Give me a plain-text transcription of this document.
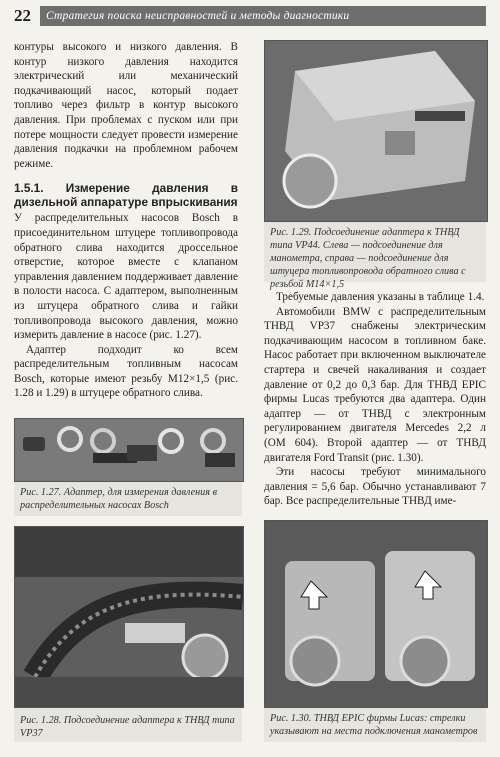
22	Стратегия поиска неисправностей и методы диагностики

контуры высокого и низкого давления. В контур низкого давления находится электрический или механический подкачивающий насос, который подает топливо через фильтр в контур высокого давления. При проблемах с пуском или при потере мощности следует провести измерение давления подкачки на проблемном рабочем режиме.

1.5.1. Измерение давления в дизельной аппаратуре впрыскивания

У распределительных насосов Bosch в присоединительном штуцере топливопровода обратного слива находится дроссельное отверстие, которое вместе с клапаном управления давлением поддерживает давление в полости насоса. С адаптером, выполненным из штуцера обратного слива и гайки топливопровода высокого давления, можно измерить давление в насосе (рис. 1.27).

Адаптер подходит ко всем распределительным топливным насосам Bosch, которые имеют резьбу M12×1,5 (рис. 1.28 и 1.29) в штуцере обратного слива.

Рис. 1.27. Адаптер, для измерения давления в распределительных насосах Bosch
Рис. 1.28. Подсоединение адаптера к ТНВД типа VP37
Рис. 1.29. Подсоединение адаптера к ТНВД типа VP44. Слева — подсоединение для манометра, справа — подсоединение для штуцера топливопровода обратного слива с резьбой M14×1,5

Требуемые давления указаны в таблице 1.4.

Автомобили BMW с распределительным ТНВД VP37 снабжены электрическим подкачивающим насосом в топливном баке. Насос работает при включенном выключателе стартера и свечей накаливания и создает давление от 0,2 до 0,3 бар. Для ТНВД EPIC фирмы Lucas требуются два адаптера. Один адаптер — от ТНВД с электронным регулированием двигателя Mercedes 2,2 л (ОМ 604). Второй адаптер — от ТНВД двигателя Ford Transit (рис. 1.30).

Эти насосы требуют минимального давления = 5,6 бар. Обычно устанавливают 7 бар. Все распределительные ТНВД име-

Рис. 1.30. ТНВД EPIC фирмы Lucas: стрелки указывают на места подключения манометров
